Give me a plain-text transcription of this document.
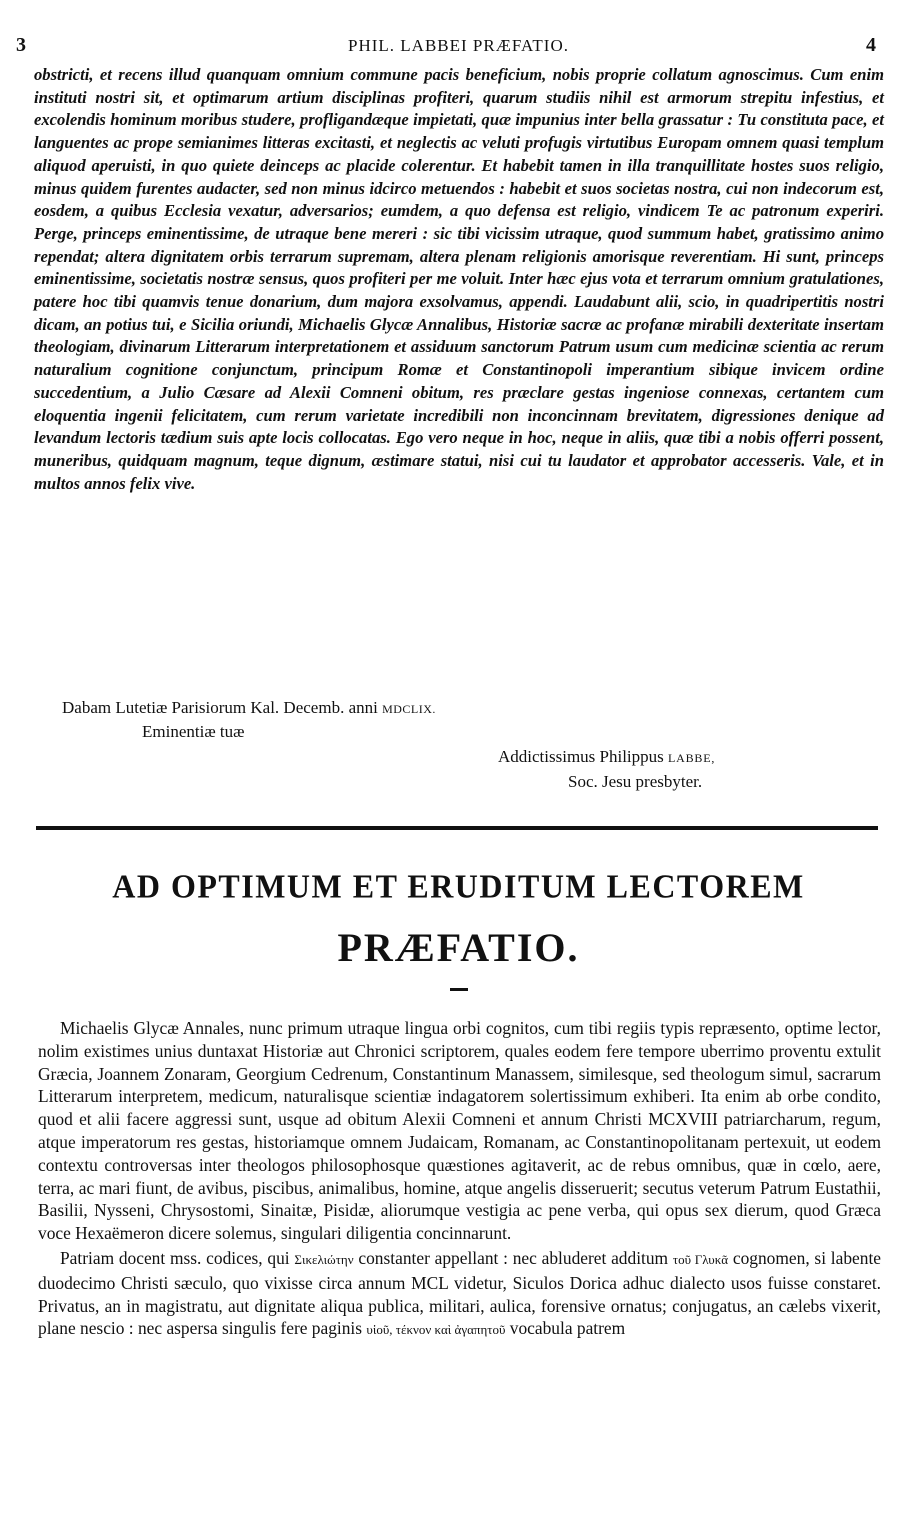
3	PHIL. LABBEI PRÆFATIO.	4
obstricti, et recens illud quanquam omnium commune pacis beneficium, nobis proprie collatum agnoscimus. Cum enim instituti nostri sit, et optimarum artium disciplinas profiteri, quarum studiis nihil est armorum strepitu infestius, et excolendis hominum moribus studere, profligandæque impietati, quæ impunius inter bella grassatur : Tu constituta pace, et languentes ac prope semianimes litteras excitasti, et neglectis ac veluti profugis virtutibus Europam omnem quasi templum aliquod aperuisti, in quo quiete deinceps ac placide colerentur. Et habebit tamen in illa tranquillitate hostes suos religio, minus quidem furentes audacter, sed non minus idcirco metuendos : habebit et suos societas nostra, cui non indecorum est, eosdem, a quibus Ecclesia vexatur, adversarios; eumdem, a quo defensa est religio, vindicem Te ac patronum experiri. Perge, princeps eminentissime, de utraque bene mereri : sic tibi vicissim utraque, quod summum habet, gratissimo animo rependat; altera dignitatem orbis terrarum supremam, altera plenam religionis amorisque reverentiam. Hi sunt, princeps eminentissime, societatis nostræ sensus, quos profiteri per me voluit. Inter hæc ejus vota et terrarum omnium gratulationes, patere hoc tibi quamvis tenue donarium, dum majora exsolvamus, appendi. Laudabunt alii, scio, in quadripertitis nostri dicam, an potius tui, e Sicilia oriundi, Michaelis Glycæ Annalibus, Historiæ sacræ ac profanæ mirabili dexteritate insertam theologiam, divinarum Litterarum interpretationem et assiduum sanctorum Patrum usum cum medicinæ scientia ac rerum naturalium cognitione conjunctum, principum Romæ et Constantinopoli imperantium sibique invicem ordine succedentium, a Julio Cæsare ad Alexii Comneni obitum, res præclare gestas ingeniose connexas, certantem cum eloquentia ingenii felicitatem, cum rerum varietate incredibili non inconcinnam brevitatem, digressiones denique ad levandum lectoris tædium suis apte locis collocatas. Ego vero neque in hoc, neque in aliis, quæ tibi a nobis offerri possent, muneribus, quidquam magnum, teque dignum, æstimare statui, nisi cui tu laudator et approbator accesseris. Vale, et in multos annos felix vive.
Dabam Lutetiæ Parisiorum Kal. Decemb. anni MDCLIX.
Eminentiæ tuæ
Addictissimus Philippus LABBE,
Soc. Jesu presbyter.
AD OPTIMUM ET ERUDITUM LECTOREM
PRÆFATIO.

Michaelis Glycæ Annales, nunc primum utraque lingua orbi cognitos, cum tibi regiis typis repræsento, optime lector, nolim existimes unius duntaxat Historiæ aut Chronici scriptorem, quales eodem fere tempore uberrimo proventu extulit Græcia, Joannem Zonaram, Georgium Cedrenum, Constantinum Manassem, similesque, sed theologum simul, sacrarum Litterarum interpretem, medicum, naturalisque scientiæ indagatorem solertissimum exhiberi. Ita enim ab orbe condito, quod et alii facere aggressi sunt, usque ad obitum Alexii Comneni et annum Christi MCXVIII patriarcharum, regum, atque imperatorum res gestas, historiamque omnem Judaicam, Romanam, ac Constantinopolitanam pertexuit, ut eodem contextu controversas inter theologos philosophosque quæstiones agitaverit, ac de rebus omnibus, quæ in cœlo, aere, terra, ac mari fiunt, de avibus, piscibus, animalibus, homine, atque angelis disseruerit; secutus veterum Patrum Eustathii, Basilii, Nysseni, Chrysostomi, Sinaitæ, Pisidæ, aliorumque vestigia ac pene verba, qui opus sex dierum, quod Græca voce Hexaëmeron dicere solemus, singulari diligentia concinnarunt.

Patriam docent mss. codices, qui Σικελιώτην constanter appellant : nec abluderet additum τοῦ Γλυκᾶ cognomen, si labente duodecimo Christi sæculo, quo vixisse circa annum MCL videtur, Siculos Dorica adhuc dialecto usos fuisse constaret. Privatus, an in magistratu, aut dignitate aliqua publica, militari, aulica, forensive ornatus; conjugatus, an cælebs vixerit, plane nescio : nec aspersa singulis fere paginis υἱοῦ, τέκνον καὶ ἀγαπητοῦ vocabula patrem
